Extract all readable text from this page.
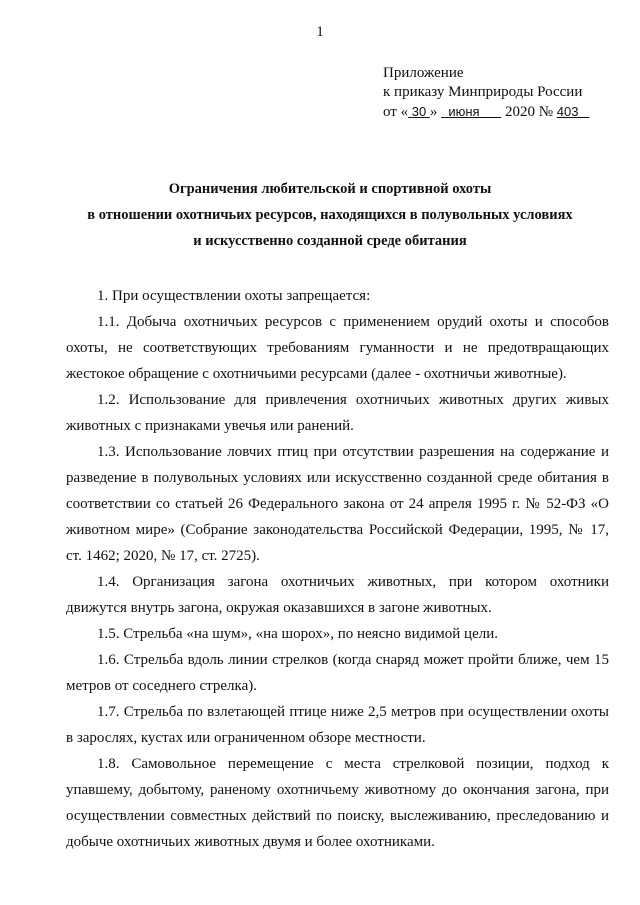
1
Приложение
к приказу Минприроды России
от « 30 » июня 2020 № 403
Ограничения любительской и спортивной охоты
в отношении охотничьих ресурсов, находящихся в полувольных условиях
и искусственно созданной среде обитания

1. При осуществлении охоты запрещается:

1.1. Добыча охотничьих ресурсов с применением орудий охоты и способов охоты, не соответствующих требованиям гуманности и не предотвращающих жестокое обращение с охотничьими ресурсами (далее - охотничьи животные).

1.2. Использование для привлечения охотничьих животных других живых животных с признаками увечья или ранений.

1.3. Использование ловчих птиц при отсутствии разрешения на содержание и разведение в полувольных условиях или искусственно созданной среде обитания в соответствии со статьей 26 Федерального закона от 24 апреля 1995 г. № 52-ФЗ «О животном мире» (Собрание законодательства Российской Федерации, 1995, № 17, ст. 1462; 2020, № 17, ст. 2725).

1.4. Организация загона охотничьих животных, при котором охотники движутся внутрь загона, окружая оказавшихся в загоне животных.

1.5. Стрельба «на шум», «на шорох», по неясно видимой цели.

1.6. Стрельба вдоль линии стрелков (когда снаряд может пройти ближе, чем 15 метров от соседнего стрелка).

1.7. Стрельба по взлетающей птице ниже 2,5 метров при осуществлении охоты в зарослях, кустах или ограниченном обзоре местности.

1.8. Самовольное перемещение с места стрелковой позиции, подход к упавшему, добытому, раненому охотничьему животному до окончания загона, при осуществлении совместных действий по поиску, выслеживанию, преследованию и добыче охотничьих животных двумя и более охотниками.
